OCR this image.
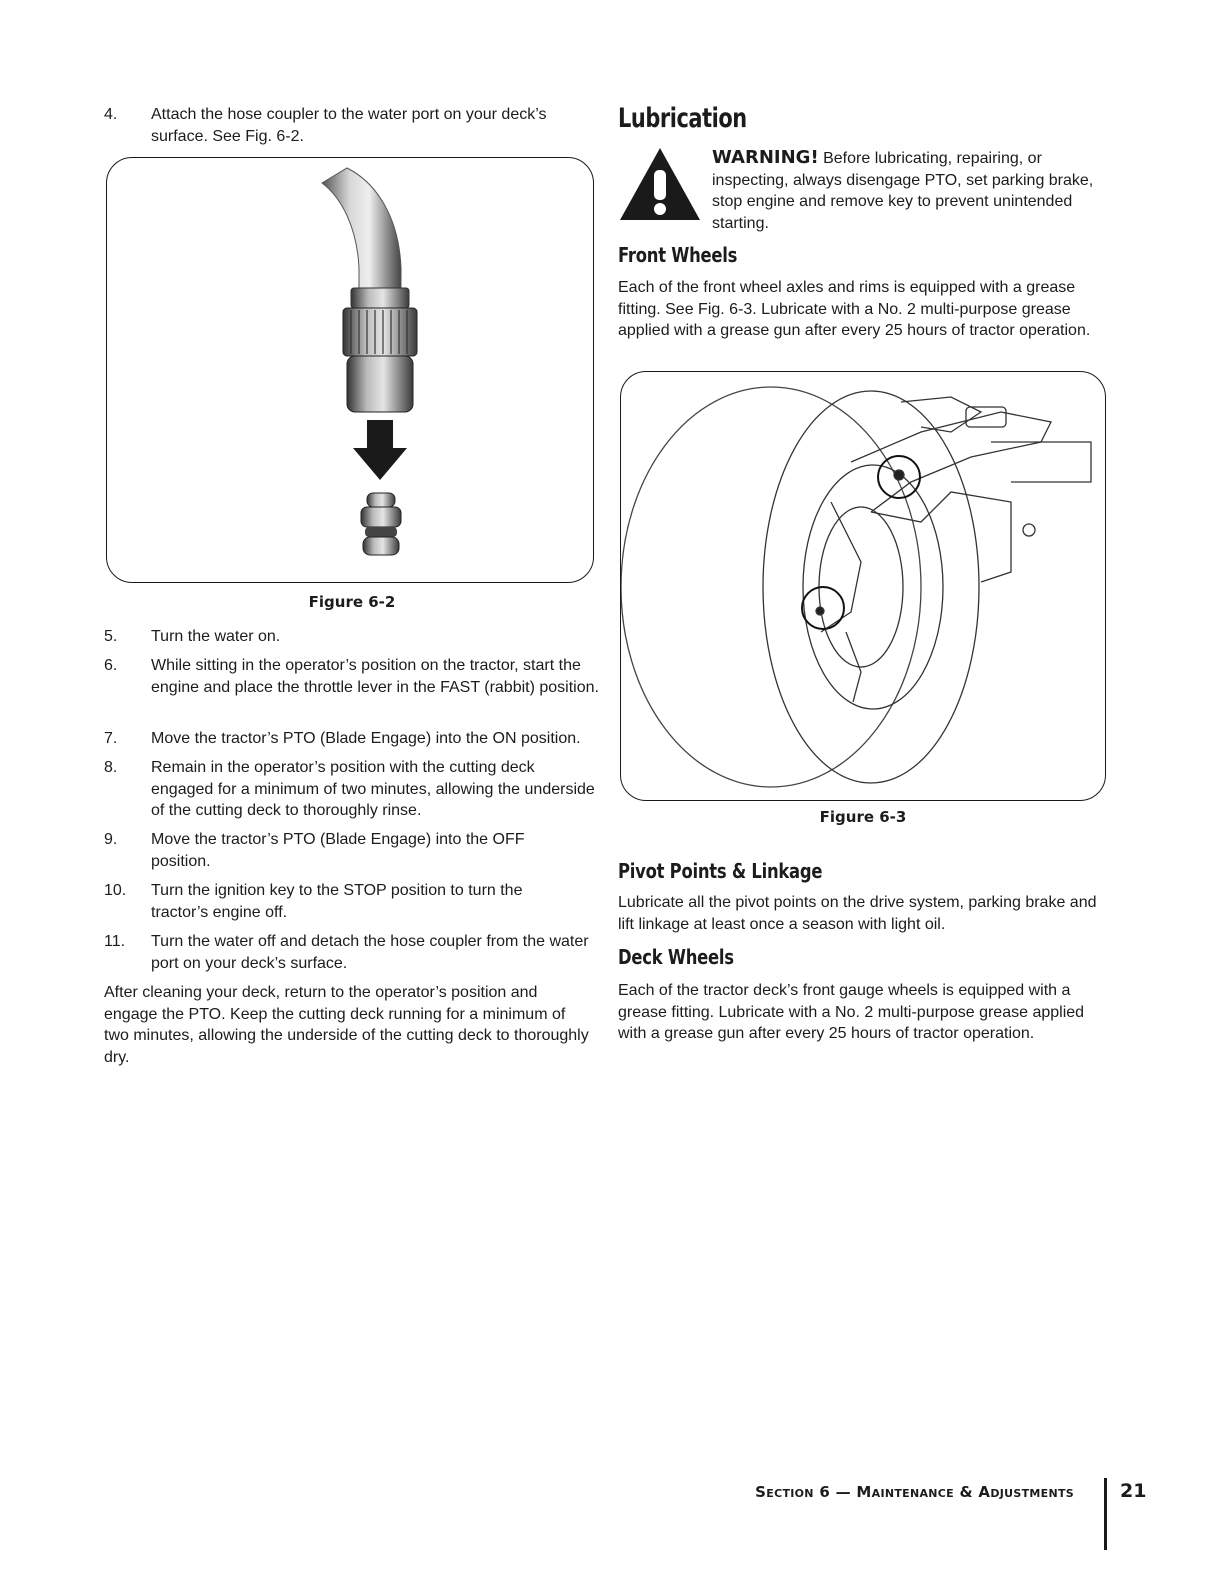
4. Attach the hose coupler to the water port on your deck’s surface. See Fig. 6-2.
Figure 6-2
5. Turn the water on.
6. While sitting in the operator’s position on the tractor, start the engine and place the throttle lever in the FAST (rabbit) position.
7. Move the tractor’s PTO (Blade Engage) into the ON position.
8. Remain in the operator’s position with the cutting deck engaged for a minimum of two minutes, allowing the underside of the cutting deck to thoroughly rinse.
9. Move the tractor’s PTO (Blade Engage) into the OFF position.
10. Turn the ignition key to the STOP position to turn the tractor’s engine off.
11. Turn the water off and detach the hose coupler from the water port on your deck’s surface.
After cleaning your deck, return to the operator’s position and engage the PTO. Keep the cutting deck running for a minimum of two minutes, allowing the underside of the cutting deck to thoroughly dry.
Lubrication
WARNING! Before lubricating, repairing, or inspecting, always disengage PTO, set parking brake, stop engine and remove key to prevent unintended starting.
Front Wheels
Each of the front wheel axles and rims is equipped with a grease fitting. See Fig. 6-3. Lubricate with a No. 2 multi-purpose grease applied with a grease gun after every 25 hours of tractor operation.
Figure 6-3
Pivot Points & Linkage
Lubricate all the pivot points on the drive system, parking brake and lift linkage at least once a season with light oil.
Deck Wheels
Each of the tractor deck’s front gauge wheels is equipped with a grease fitting. Lubricate with a No. 2 multi-purpose grease applied with a grease gun after every 25 hours of tractor operation.
Section 6 — Maintenance & Adjustments 21
